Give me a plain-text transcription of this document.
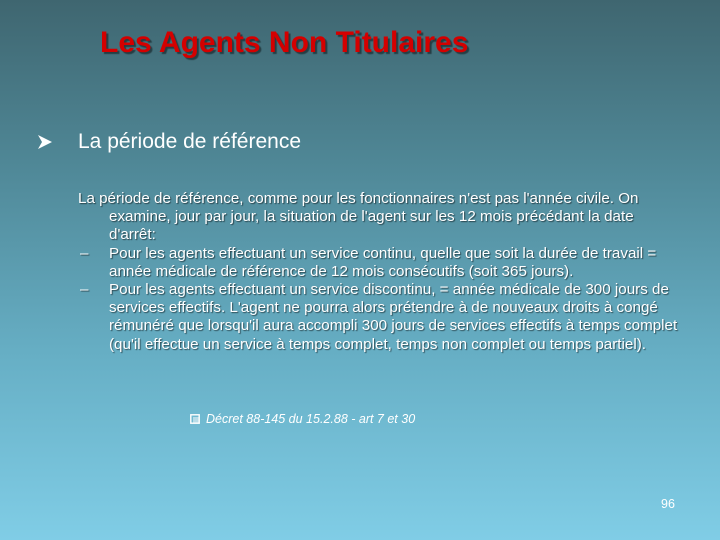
Les Agents Non Titulaires
La période de référence
La période de référence, comme pour les fonctionnaires n'est pas l'année civile. On examine, jour par jour, la situation de l'agent sur les 12 mois précédant la date d'arrêt:
– Pour les agents effectuant un service continu, quelle que soit la durée de travail = année médicale de référence de 12 mois consécutifs (soit 365 jours).
– Pour les agents effectuant un service discontinu, = année médicale de 300 jours de services effectifs. L'agent ne pourra alors prétendre à de nouveaux droits à congé rémunéré que lorsqu'il aura accompli 300 jours de services effectifs à temps complet (qu'il effectue un service à temps complet, temps non complet ou temps partiel).
Décret 88-145 du 15.2.88 - art 7 et 30
96
